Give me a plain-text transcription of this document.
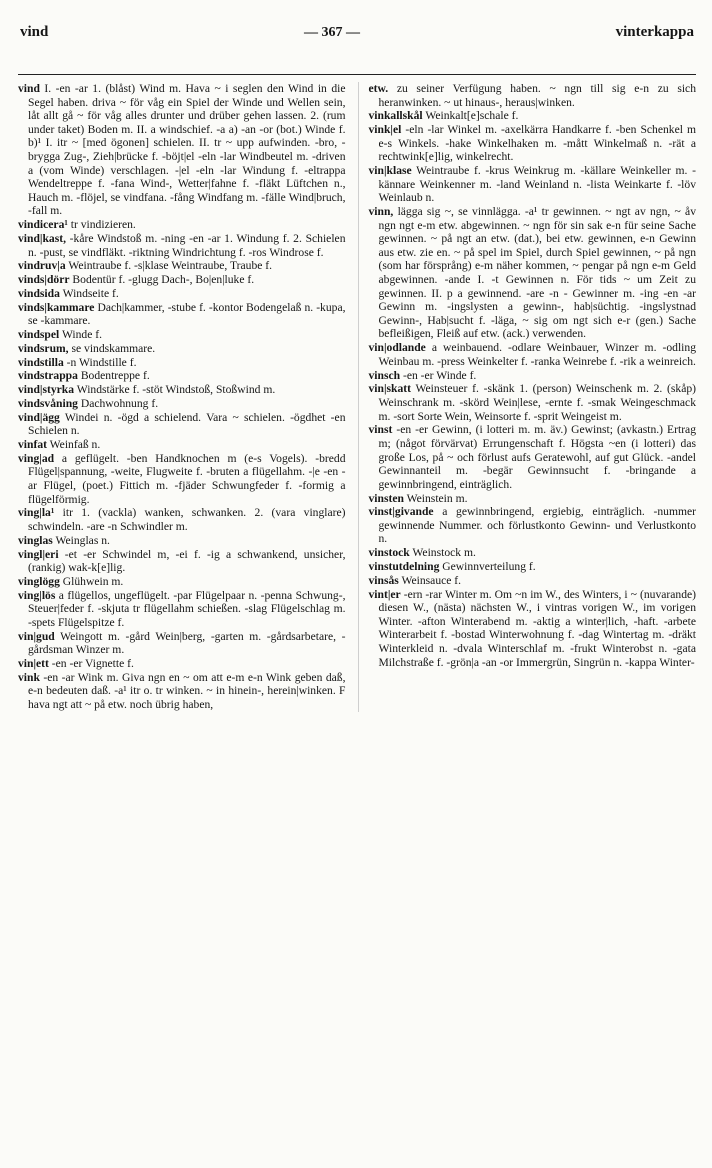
vind	— 367 —	vinterkappa

vind I. -en -ar 1. (blåst) Wind m. Hava ~ i seglen den Wind in die Segel haben. driva ~ för våg ein Spiel der Winde und Wellen sein, låt allt gå ~ för våg alles drunter und drüber gehen lassen. 2. (rum under taket) Boden m. II. a windschief. -a a) -an -or (bot.) Winde f. b)¹ I. itr ~ [med ögonen] schielen. II. tr ~ upp aufwinden. -bro, -brygga Zug-, Zieh|brücke f. -böjt|el -eln -lar Windbeutel m. -driven a (vom Winde) verschlagen. -|el -eln -lar Windung f. -eltrappa Wendeltreppe f. -fana Wind-, Wetter|fahne f. -fläkt Lüftchen n., Hauch m. -flöjel, se vindfana. -fång Windfang m. -fälle Wind|bruch, -fall m.

vindicera¹ tr vindizieren.

vind|kast, -kåre Windstoß m. -ning -en -ar 1. Windung f. 2. Schielen n. -pust, se vindfläkt. -riktning Windrichtung f. -ros Windrose f.

vindruv|a Weintraube f. -s|klase Weintraube, Traube f.

vinds|dörr Bodentür f. -glugg Dach-, Bo|en|luke f.

vindsida Windseite f.

vinds|kammare Dach|kammer, -stube f. -kontor Bodengelaß n. -kupa, se -kammare.

vindspel Winde f.

vindsrum, se vindskammare.

vindstilla -n Windstille f.

vindstrappa Bodentreppe f.

vind|styrka Windstärke f. -stöt Windstoß, Stoßwind m.

vindsvåning Dachwohnung f.

vind|ägg Windei n. -ögd a schielend. Vara ~ schielen. -ögdhet -en Schielen n.

vinfat Weinfaß n.

ving|ad a geflügelt. -ben Handknochen m (e-s Vogels). -bredd Flügel|spannung, -weite, Flugweite f. -bruten a flügellahm. -|e -en -ar Flügel, (poet.) Fittich m. -fjäder Schwungfeder f. -formig a flügelförmig.

ving|la¹ itr 1. (vackla) wanken, schwanken. 2. (vara vinglare) schwindeln. -are -n Schwindler m.

vinglas Weinglas n.

vingl|eri -et -er Schwindel m, -ei f. -ig a schwankend, unsicher, (rankig) wak-k[e]lig.

vinglögg Glühwein m.

ving|lös a flügellos, ungeflügelt. -par Flügelpaar n. -penna Schwung-, Steuer|feder f. -skjuta tr flügellahm schießen. -slag Flügelschlag m. -spets Flügelspitze f.

vin|gud Weingott m. -gård Wein|berg, -garten m. -gårdsarbetare, -gårdsman Winzer m.

vin|ett -en -er Vignette f.

vink -en -ar Wink m. Giva ngn en ~ om att e-m e-n Wink geben daß, e-n bedeuten daß. -a¹ itr o. tr winken. ~ in hinein-, herein|winken. F hava ngt att ~ på etw. noch übrig haben,

etw. zu seiner Verfügung haben. ~ ngn till sig e-n zu sich heranwinken. ~ ut hinaus-, heraus|winken.

vinkallskål Weinkalt[e]schale f.

vink|el -eln -lar Winkel m. -axelkärra Handkarre f. -ben Schenkel m e-s Winkels. -hake Winkelhaken m. -mått Winkelmaß n. -rät a rechtwink[e]lig, winkelrecht.

vin|klase Weintraube f. -krus Weinkrug m. -källare Weinkeller m. -kännare Weinkenner m. -land Weinland n. -lista Weinkarte f. -löv Weinlaub n.

vinn, lägga sig ~, se vinnlägga. -a¹ tr gewinnen. ~ ngt av ngn, ~ åv ngn ngt e-m etw. abgewinnen. ~ ngn för sin sak e-n für seine Sache gewinnen. ~ på ngt an etw. (dat.), bei etw. gewinnen, e-n Gewinn aus etw. zie en. ~ på spel im Spiel, durch Spiel gewinnen, ~ på ngn (som har försprång) e-m näher kommen, ~ pengar på ngn e-m Geld abgewinnen. -ande I. -t Gewinnen n. För tids ~ um Zeit zu gewinnen. II. p a gewinnend. -are -n - Gewinner m. -ing -en -ar Gewinn m. -ingslysten a gewinn-, hab|süchtig. -ingslystnad Gewinn-, Hab|sucht f. -läga, ~ sig om ngt sich e-r (gen.) Sache befleißigen, Fleiß auf etw. (ack.) verwenden.

vin|odlande a weinbauend. -odlare Weinbauer, Winzer m. -odling Weinbau m. -press Weinkelter f. -ranka Weinrebe f. -rik a weinreich.

vinsch -en -er Winde f.

vin|skatt Weinsteuer f. -skänk 1. (person) Weinschenk m. 2. (skåp) Weinschrank m. -skörd Wein|lese, -ernte f. -smak Weingeschmack m. -sort Sorte Wein, Weinsorte f. -sprit Weingeist m.

vinst -en -er Gewinn, (i lotteri m. m. äv.) Gewinst; (avkastn.) Ertrag m; (något förvärvat) Errungenschaft f. Högsta ~en (i lotteri) das große Los, på ~ och förlust aufs Geratewohl, auf gut Glück. -andel Gewinnanteil m. -begär Gewinnsucht f. -bringande a gewinnbringend, einträglich.

vinsten Weinstein m.

vinst|givande a gewinnbringend, ergiebig, einträglich. -nummer gewinnende Nummer. och förlustkonto Gewinn- und Verlustkonto n.

vinstock Weinstock m.

vinstutdelning Gewinnverteilung f.

vinsås Weinsauce f.

vint|er -ern -rar Winter m. Om ~n im W., des Winters, i ~ (nuvarande) diesen W., (nästa) nächsten W., i vintras vorigen W., im vorigen Winter. -afton Winterabend m. -aktig a winter|lich, -haft. -arbete Winterarbeit f. -bostad Winterwohnung f. -dag Wintertag m. -dräkt Winterkleid n. -dvala Winterschlaf m. -frukt Winterobst n. -gata Milchstraße f. -grön|a -an -or Immergrün, Singrün n. -kappa Winter-
